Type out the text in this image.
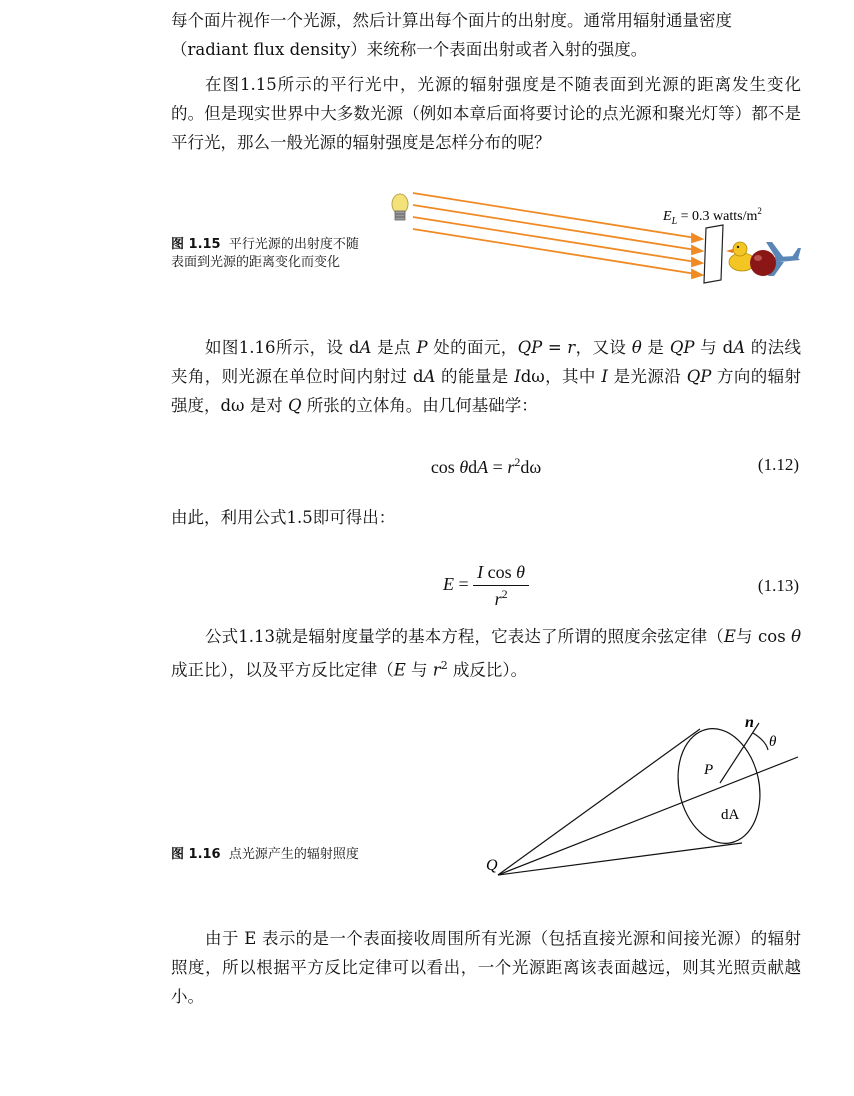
每个面片视作一个光源，然后计算出每个面片的出射度。通常用辐射通量密度
（radiant flux density）来统称一个表面出射或者入射的强度。

在图1.15所示的平行光中，光源的辐射强度是不随表面到光源的距离发生变化的。但是现实世界中大多数光源（例如本章后面将要讨论的点光源和聚光灯等）都不是平行光，那么一般光源的辐射强度是怎样分布的呢？

图 1.15 平行光源的出射度不随表面到光源的距离变化而变化
$E_L = 0.3$ watts/$m^2$

如图1.16所示，设 dA 是点 P 处的面元，QP = r，又设 θ 是 QP 与 dA 的法线夹角，则光源在单位时间内射过 dA 的能量是 Idω，其中 I 是光源沿 QP 方向的辐射强度，dω 是对 Q 所张的立体角。由几何基础学：

$\cos \theta dA = r^2d\omega$	(1.12)

由此，利用公式1.5即可得出：

$E = \frac{\text{I cos θ}}{r^2}$	(1.13)

公式1.13就是辐射度量学的基本方程，它表达了所谓的照度余弦定律（E与 cos θ 成正比），以及平方反比定律（E 与 $r^2$ 成反比）。

图 1.16 点光源产生的辐射照度
n
θ
P
dA
Q

由于 E 表示的是一个表面接收周围所有光源（包括直接光源和间接光源）的辐射照度，所以根据平方反比定律可以看出，一个光源距离该表面越远，则其光照贡献越小。
